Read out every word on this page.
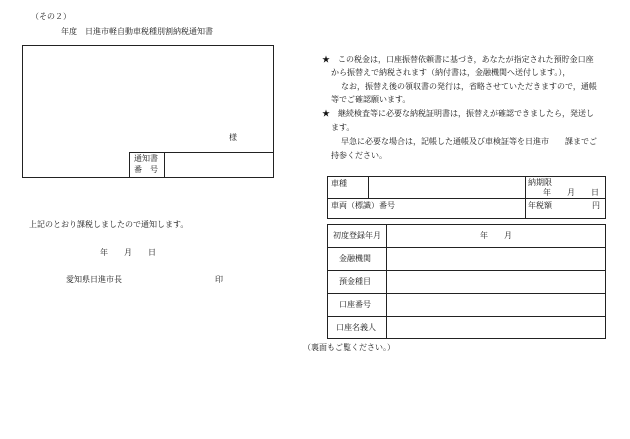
（その２）
年度　日進市軽自動車税種別割納税通知書
様
通知書
番　号
上記のとおり課税しましたので通知します。
年　　月　　日
愛知県日進市長	印
★　この税金は，口座振替依頼書に基づき，あなたが指定された預貯金口座
から振替えで納税されます（納付書は，金融機関へ送付します。），
なお，振替え後の領収書の発行は，省略させていただきますので，通帳
等でご確認願います。
★　継続検査等に必要な納税証明書は，振替えが確認できましたら，発送し
ます。
早急に必要な場合は，記帳した通帳及び車検証等を日進市　　課までご
持参ください。
車種	納期限
年　　月　　日
車両（標識）番号	年税額	円
初度登録年月	年　　月
金融機関
預金種目
口座番号
口座名義人
（裏面もご覧ください。）
